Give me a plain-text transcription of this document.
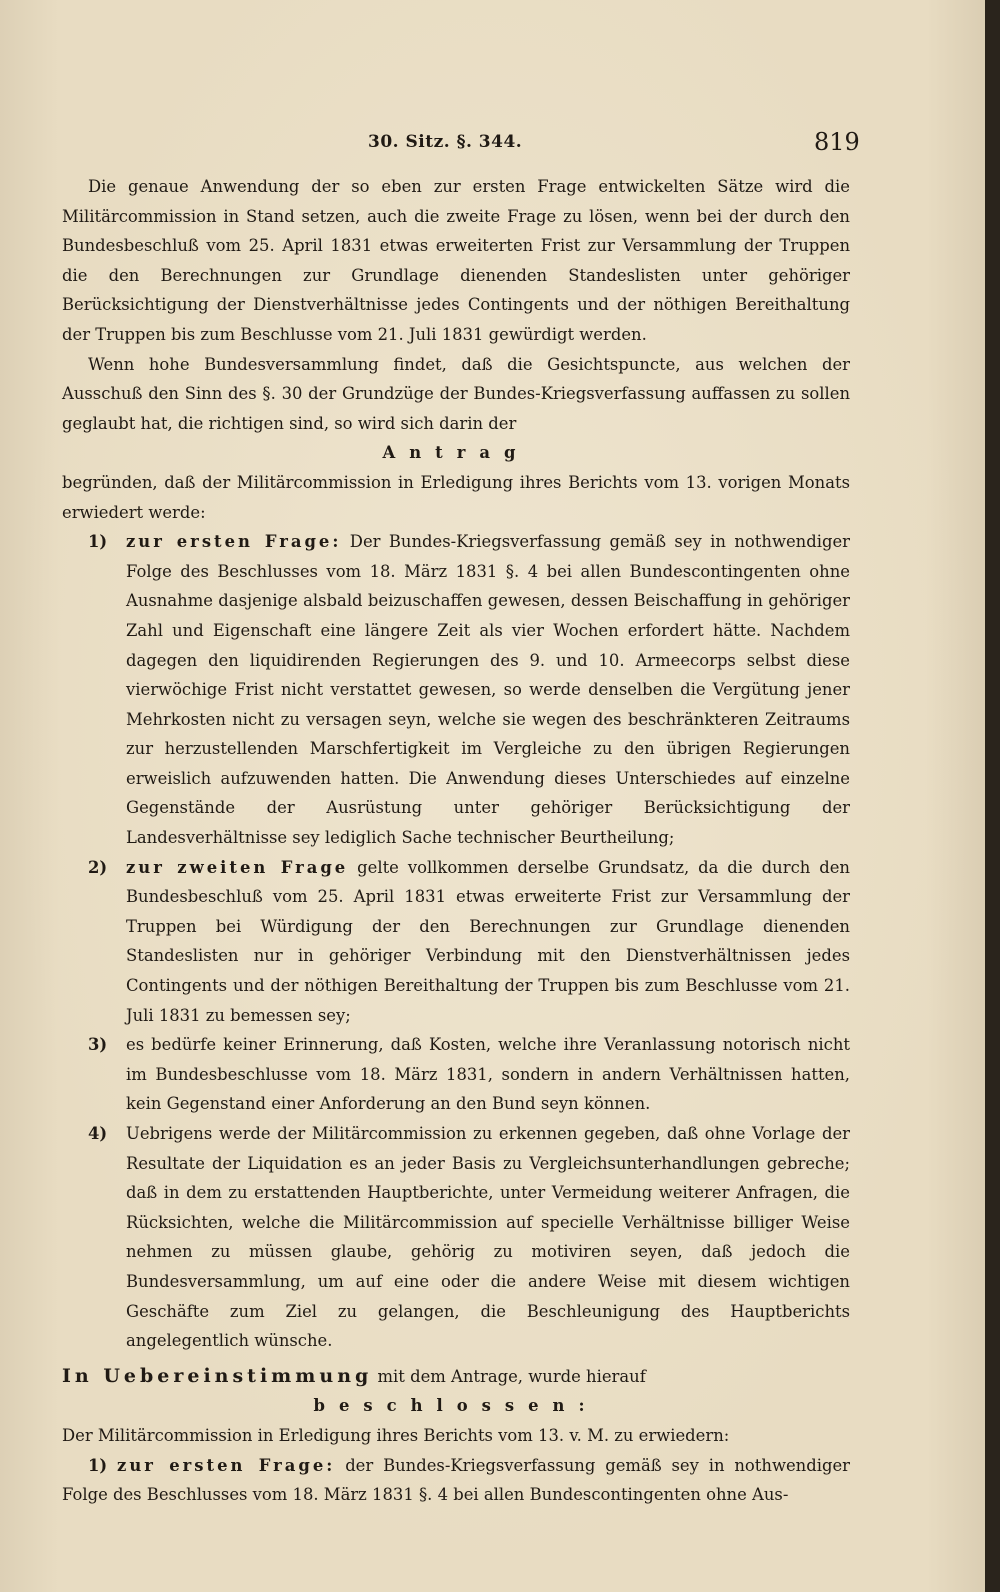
30. Sitz. §. 344.	819

Die genaue Anwendung der so eben zur ersten Frage entwickelten Sätze wird die Militärcommission in Stand setzen, auch die zweite Frage zu lösen, wenn bei der durch den Bundesbeschluß vom 25. April 1831 etwas erweiterten Frist zur Versammlung der Truppen die den Berechnungen zur Grundlage dienenden Standeslisten unter gehöriger Berücksichtigung der Dienstverhältnisse jedes Contingents und der nöthigen Bereithaltung der Truppen bis zum Beschlusse vom 21. Juli 1831 gewürdigt werden.

Wenn hohe Bundesversammlung findet, daß die Gesichtspuncte, aus welchen der Ausschuß den Sinn des §. 30 der Grundzüge der Bundes-Kriegsverfassung auffassen zu sollen geglaubt hat, die richtigen sind, so wird sich darin der

Antrag

begründen, daß der Militärcommission in Erledigung ihres Berichts vom 13. vorigen Monats erwiedert werde:

1) zur ersten Frage: Der Bundes-Kriegsverfassung gemäß sey in nothwendiger Folge des Beschlusses vom 18. März 1831 §. 4 bei allen Bundescontingenten ohne Ausnahme dasjenige alsbald beizuschaffen gewesen, dessen Beischaffung in gehöriger Zahl und Eigenschaft eine längere Zeit als vier Wochen erfordert hätte. Nachdem dagegen den liquidirenden Regierungen des 9. und 10. Armeecorps selbst diese vierwöchige Frist nicht verstattet gewesen, so werde denselben die Vergütung jener Mehrkosten nicht zu versagen seyn, welche sie wegen des beschränkteren Zeitraums zur herzustellenden Marschfertigkeit im Vergleiche zu den übrigen Regierungen erweislich aufzuwenden hatten. Die Anwendung dieses Unterschiedes auf einzelne Gegenstände der Ausrüstung unter gehöriger Berücksichtigung der Landesverhältnisse sey lediglich Sache technischer Beurtheilung;
2) zur zweiten Frage gelte vollkommen derselbe Grundsatz, da die durch den Bundesbeschluß vom 25. April 1831 etwas erweiterte Frist zur Versammlung der Truppen bei Würdigung der den Berechnungen zur Grundlage dienenden Standeslisten nur in gehöriger Verbindung mit den Dienstverhältnissen jedes Contingents und der nöthigen Bereithaltung der Truppen bis zum Beschlusse vom 21. Juli 1831 zu bemessen sey;
3) es bedürfe keiner Erinnerung, daß Kosten, welche ihre Veranlassung notorisch nicht im Bundesbeschlusse vom 18. März 1831, sondern in andern Verhältnissen hatten, kein Gegenstand einer Anforderung an den Bund seyn können.
4) Uebrigens werde der Militärcommission zu erkennen gegeben, daß ohne Vorlage der Resultate der Liquidation es an jeder Basis zu Vergleichsunterhandlungen gebreche; daß in dem zu erstattenden Hauptberichte, unter Vermeidung weiterer Anfragen, die Rücksichten, welche die Militärcommission auf specielle Verhältnisse billiger Weise nehmen zu müssen glaube, gehörig zu motiviren seyen, daß jedoch die Bundesversammlung, um auf eine oder die andere Weise mit diesem wichtigen Geschäfte zum Ziel zu gelangen, die Beschleunigung des Hauptberichts angelegentlich wünsche.

In Uebereinstimmung mit dem Antrage, wurde hierauf

beschlossen:

Der Militärcommission in Erledigung ihres Berichts vom 13. v. M. zu erwiedern:

1) zur ersten Frage: der Bundes-Kriegsverfassung gemäß sey in nothwendiger Folge des Beschlusses vom 18. März 1831 §. 4 bei allen Bundescontingenten ohne Aus-
